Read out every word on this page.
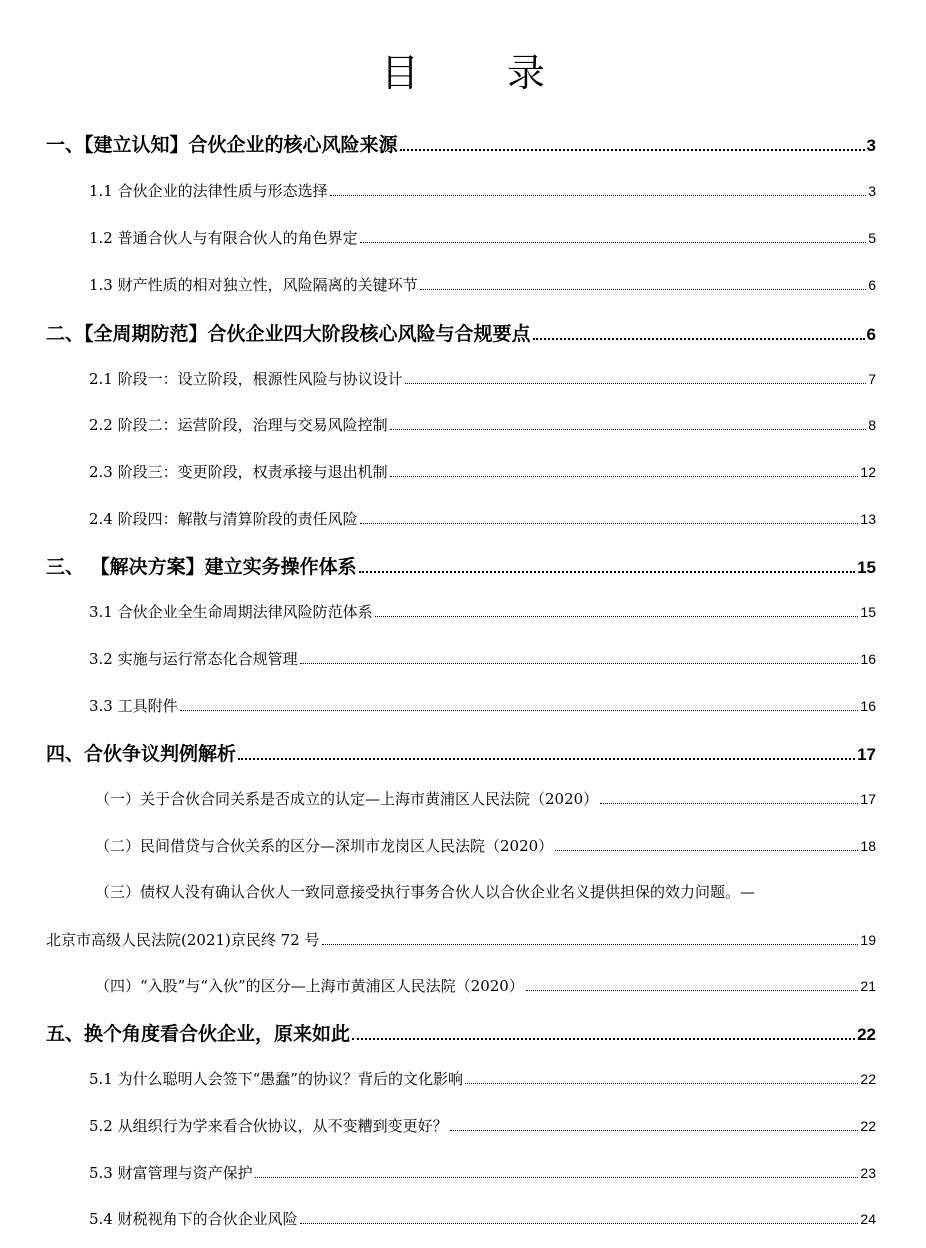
目 录
一、【建立认知】合伙企业的核心风险来源	3
1.1 合伙企业的法律性质与形态选择	3
1.2 普通合伙人与有限合伙人的角色界定	5
1.3 财产性质的相对独立性，风险隔离的关键环节	6
二、【全周期防范】合伙企业四大阶段核心风险与合规要点	6
2.1 阶段一：设立阶段，根源性风险与协议设计	7
2.2 阶段二：运营阶段，治理与交易风险控制	8
2.3 阶段三：变更阶段，权责承接与退出机制	12
2.4 阶段四：解散与清算阶段的责任风险	13
三、 【解决方案】建立实务操作体系	15
3.1 合伙企业全生命周期法律风险防范体系	15
3.2 实施与运行常态化合规管理	16
3.3 工具附件	16
四、合伙争议判例解析	17
（一）关于合伙合同关系是否成立的认定—上海市黄浦区人民法院（2020）	17
（二）民间借贷与合伙关系的区分—深圳市龙岗区人民法院（2020）	18
（三）债权人没有确认合伙人一致同意接受执行事务合伙人以合伙企业名义提供担保的效力问题。—
北京市高级人民法院(2021)京民终 72 号	19
（四）“入股”与“入伙”的区分—上海市黄浦区人民法院（2020）	21
五、换个角度看合伙企业，原来如此	22
5.1 为什么聪明人会签下“愚蠢”的协议？背后的文化影响	22
5.2 从组织行为学来看合伙协议，从不变糟到变更好？	22
5.3 财富管理与资产保护	23
5.4 财税视角下的合伙企业风险	24
